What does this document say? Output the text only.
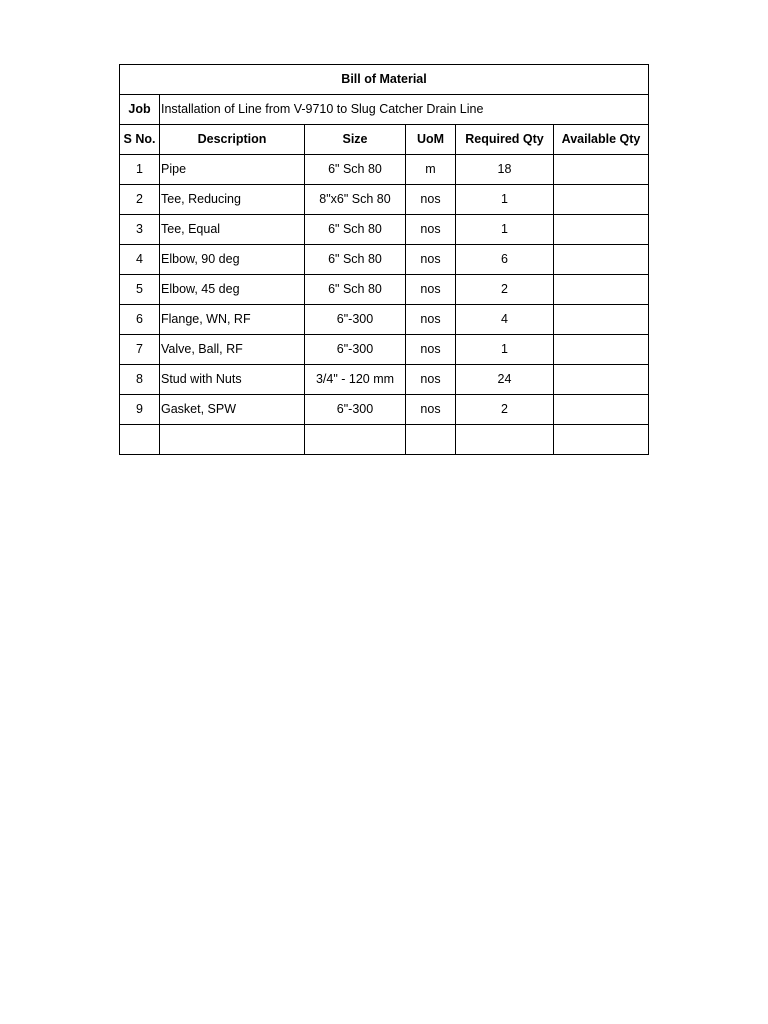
Bill of Material					
Job	Installation of Line from V-9710 to Slug Catcher Drain Line				
S No.	Description	Size	UoM	Required Qty	Available Qty
1	Pipe	6" Sch 80	m	18	
2	Tee, Reducing	8"x6" Sch 80	nos	1	
3	Tee, Equal	6" Sch 80	nos	1	
4	Elbow, 90 deg	6" Sch 80	nos	6	
5	Elbow, 45 deg	6" Sch 80	nos	2	
6	Flange, WN, RF	6"-300	nos	4	
7	Valve, Ball, RF	6"-300	nos	1	
8	Stud with Nuts	3/4" - 120 mm	nos	24	
9	Gasket, SPW	6"-300	nos	2	
